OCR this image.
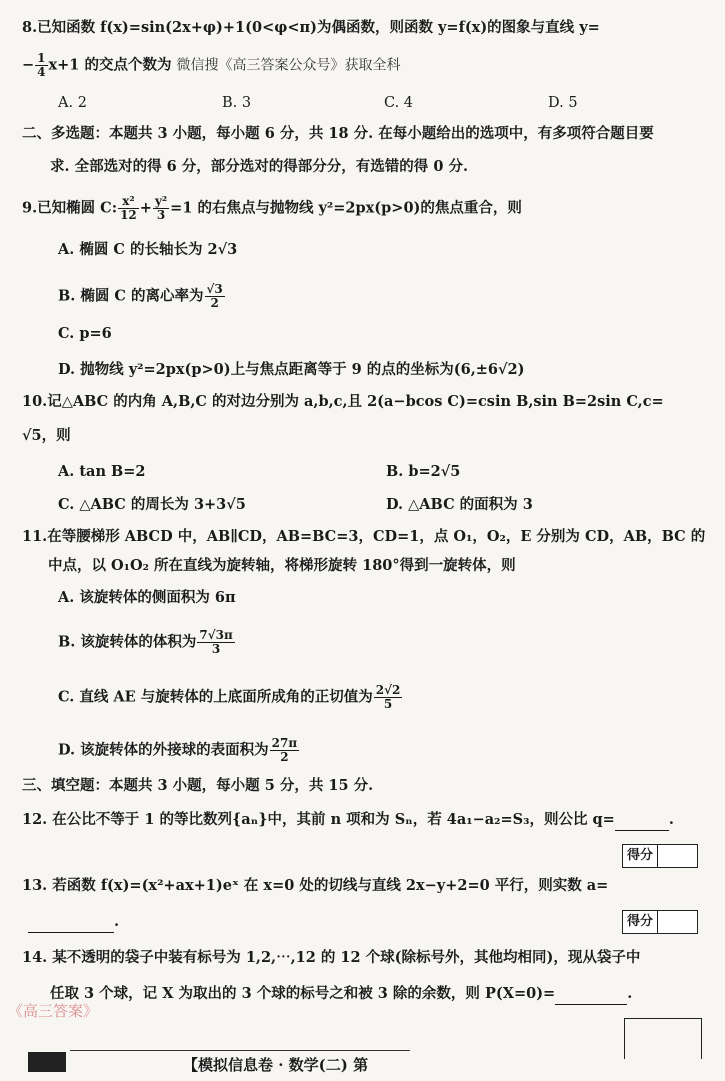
8.已知函数 f(x)=sin(2x+φ)+1(0<φ<π)为偶函数，则函数 y=f(x)的图象与直线 y=
− $\frac{1}{4} x+1$ 的交点个数为 微信搜《高三答案公众号》获取全科
A. 2	B. 3	C. 4	D. 5
二、多选题：本题共 3 小题，每小题 6 分，共 18 分. 在每小题给出的选项中，有多项符合题目要
求. 全部选对的得 6 分，部分选对的得部分分，有选错的得 0 分.
9.已知椭圆 C: $\frac{\text{x²}}{12} + \frac{\text{y²}}{3} =1$ 的右焦点与抛物线 y²=2px(p>0)的焦点重合，则
A. 椭圆 C 的长轴长为 2√3
B. 椭圆 C 的离心率为 $\frac{√3}{2}$
C. p=6
D. 抛物线 y²=2px(p>0)上与焦点距离等于 9 的点的坐标为(6,±6√2)
10.记△ABC 的内角 A,B,C 的对边分别为 a,b,c,且 2(a−bcos C)=csin B,sin B=2sin C,c=
√5，则
A. tan B=2	B. b=2√5
C. △ABC 的周长为 3+3√5	D. △ABC 的面积为 3
11.在等腰梯形 ABCD 中，AB∥CD，AB=BC=3，CD=1，点 O₁，O₂，E 分别为 CD，AB，BC 的
中点，以 O₁O₂ 所在直线为旋转轴，将梯形旋转 180°得到一旋转体，则
A. 该旋转体的侧面积为 6π
B. 该旋转体的体积为 $\frac{7√3\pi}{3}$
C. 直线 AE 与旋转体的上底面所成角的正切值为 $\frac{2√2}{5}$
D. 该旋转体的外接球的表面积为 $\frac{27\pi}{2}$
三、填空题：本题共 3 小题，每小题 5 分，共 15 分.
12. 在公比不等于 1 的等比数列{aₙ}中，其前 n 项和为 Sₙ，若 4a₁−a₂=S₃，则公比 q=	.
得分
13. 若函数 f(x)=(x²+ax+1)eˣ 在 x=0 处的切线与直线 2x−y+2=0 平行，则实数 a=
.	得分
14. 某不透明的袋子中装有标号为 1,2,⋯,12 的 12 个球(除标号外，其他均相同)，现从袋子中
任取 3 个球，记 X 为取出的 3 个球的标号之和被 3 除的余数，则 P(X=0)=	.
《高三答案》
【模拟信息卷 · 数学(二) 第
